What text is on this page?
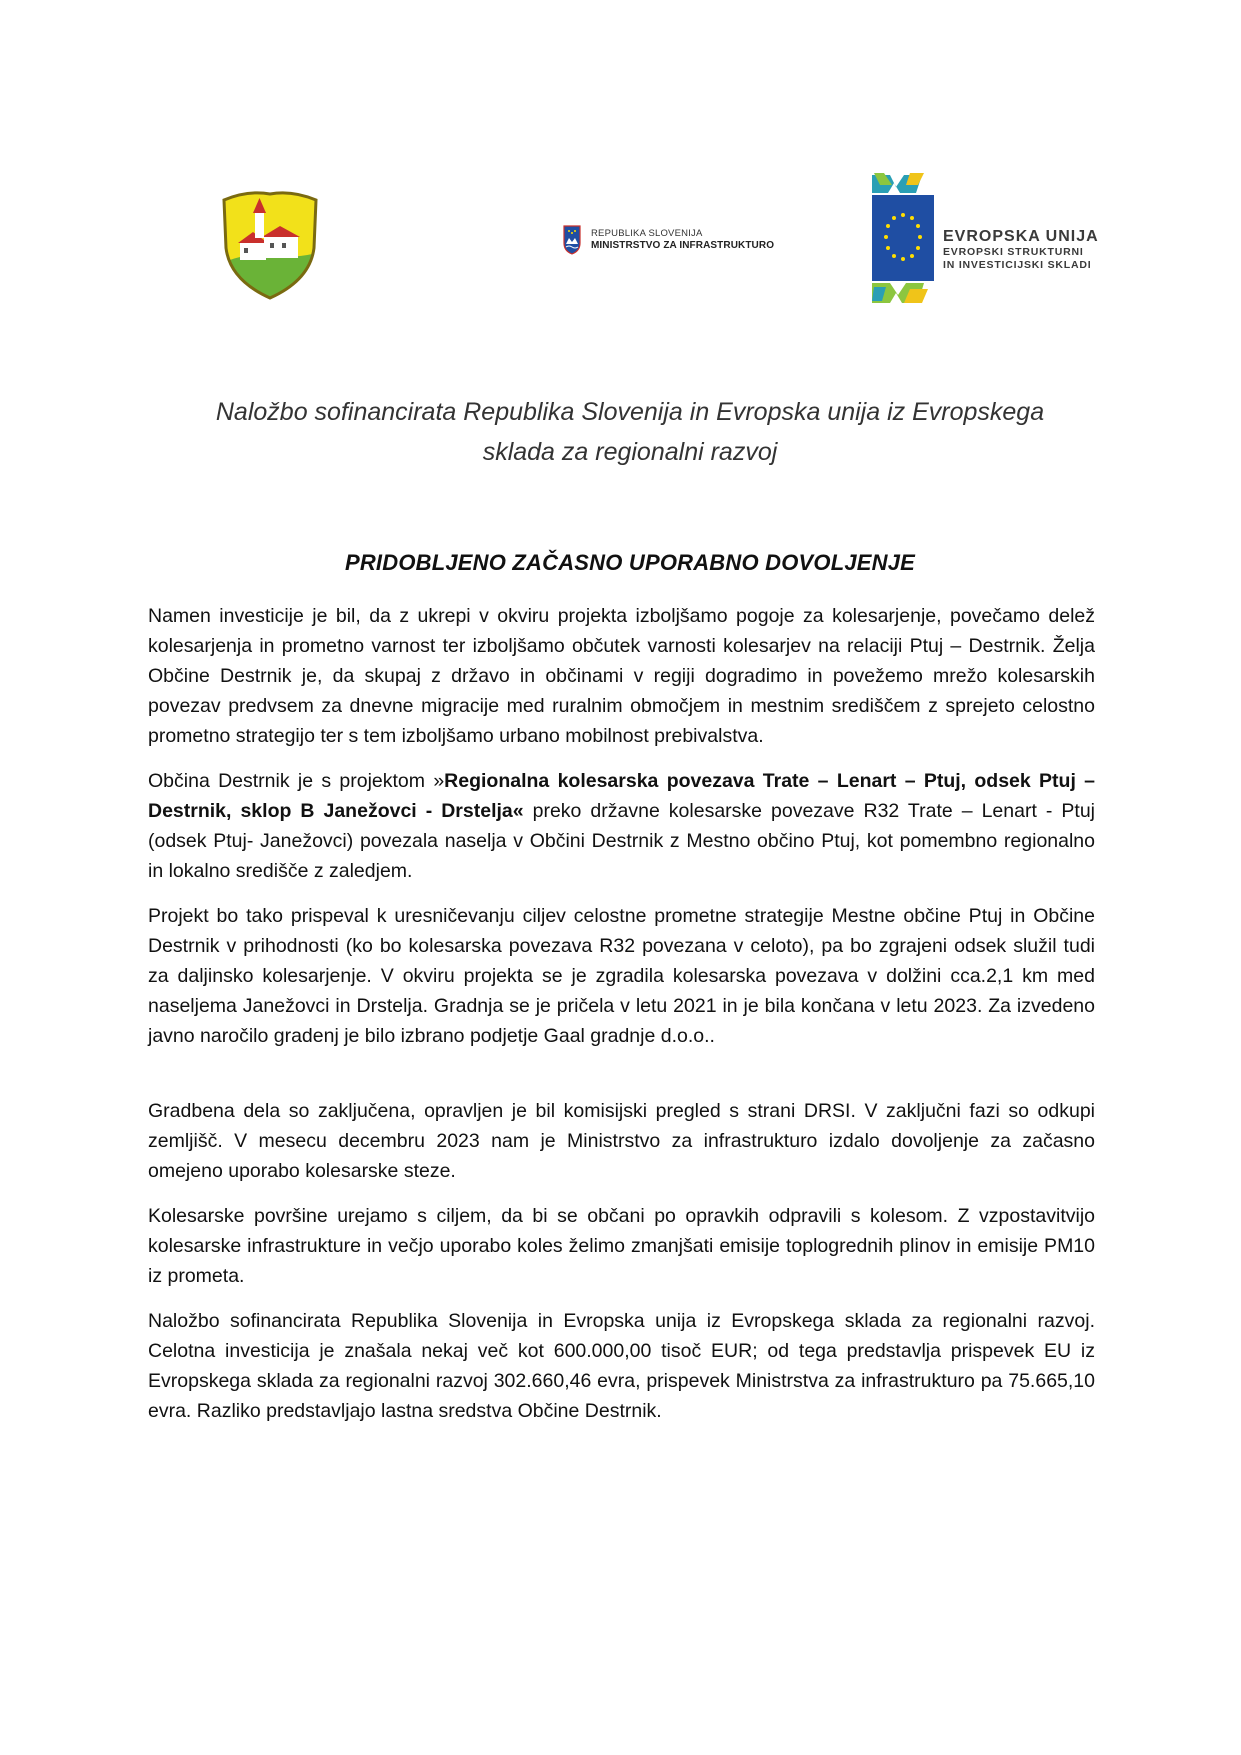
REPUBLIKA SLOVENIJA
MINISTRSTVO ZA INFRASTRUKTURO
EVROPSKA UNIJA
EVROPSKI STRUKTURNI
IN INVESTICIJSKI SKLADI

Naložbo sofinancirata Republika Slovenija in Evropska unija iz Evropskega
sklada za regionalni razvoj

PRIDOBLJENO ZAČASNO UPORABNO DOVOLJENJE

Namen investicije je bil, da z ukrepi v okviru projekta izboljšamo pogoje za kolesarjenje, povečamo delež kolesarjenja in prometno varnost ter izboljšamo občutek varnosti kolesarjev na relaciji Ptuj – Destrnik. Želja Občine Destrnik je, da skupaj z državo in občinami v regiji dogradimo in povežemo mrežo kolesarskih povezav predvsem za dnevne migracije med ruralnim območjem in mestnim središčem z sprejeto celostno prometno strategijo ter s tem izboljšamo urbano mobilnost prebivalstva.

Občina Destrnik je s projektom »Regionalna kolesarska povezava Trate – Lenart – Ptuj, odsek Ptuj – Destrnik, sklop B Janežovci - Drstelja« preko državne kolesarske povezave R32 Trate – Lenart - Ptuj (odsek Ptuj- Janežovci) povezala naselja v Občini Destrnik z Mestno občino Ptuj, kot pomembno regionalno in lokalno središče z zaledjem.

Projekt bo tako prispeval k uresničevanju ciljev celostne prometne strategije Mestne občine Ptuj in Občine Destrnik v prihodnosti (ko bo kolesarska povezava R32 povezana v celoto), pa bo zgrajeni odsek služil tudi za daljinsko kolesarjenje. V okviru projekta se je zgradila kolesarska povezava v dolžini cca.2,1 km med naseljema Janežovci in Drstelja. Gradnja se je pričela v letu 2021 in je bila končana v letu 2023. Za izvedeno javno naročilo gradenj je bilo izbrano podjetje Gaal gradnje d.o.o..

Gradbena dela so zaključena, opravljen je bil komisijski pregled s strani DRSI. V zaključni fazi so odkupi zemljišč. V mesecu decembru 2023 nam je Ministrstvo za infrastrukturo izdalo dovoljenje za začasno omejeno uporabo kolesarske steze.

Kolesarske površine urejamo s ciljem, da bi se občani po opravkih odpravili s kolesom. Z vzpostavitvijo kolesarske infrastrukture in večjo uporabo koles želimo zmanjšati emisije toplogrednih plinov in emisije PM10 iz prometa.

Naložbo sofinancirata Republika Slovenija in Evropska unija iz Evropskega sklada za regionalni razvoj. Celotna investicija je znašala nekaj več kot 600.000,00 tisoč EUR; od tega predstavlja prispevek EU iz Evropskega sklada za regionalni razvoj 302.660,46 evra, prispevek Ministrstva za infrastrukturo pa 75.665,10 evra. Razliko predstavljajo lastna sredstva Občine Destrnik.
